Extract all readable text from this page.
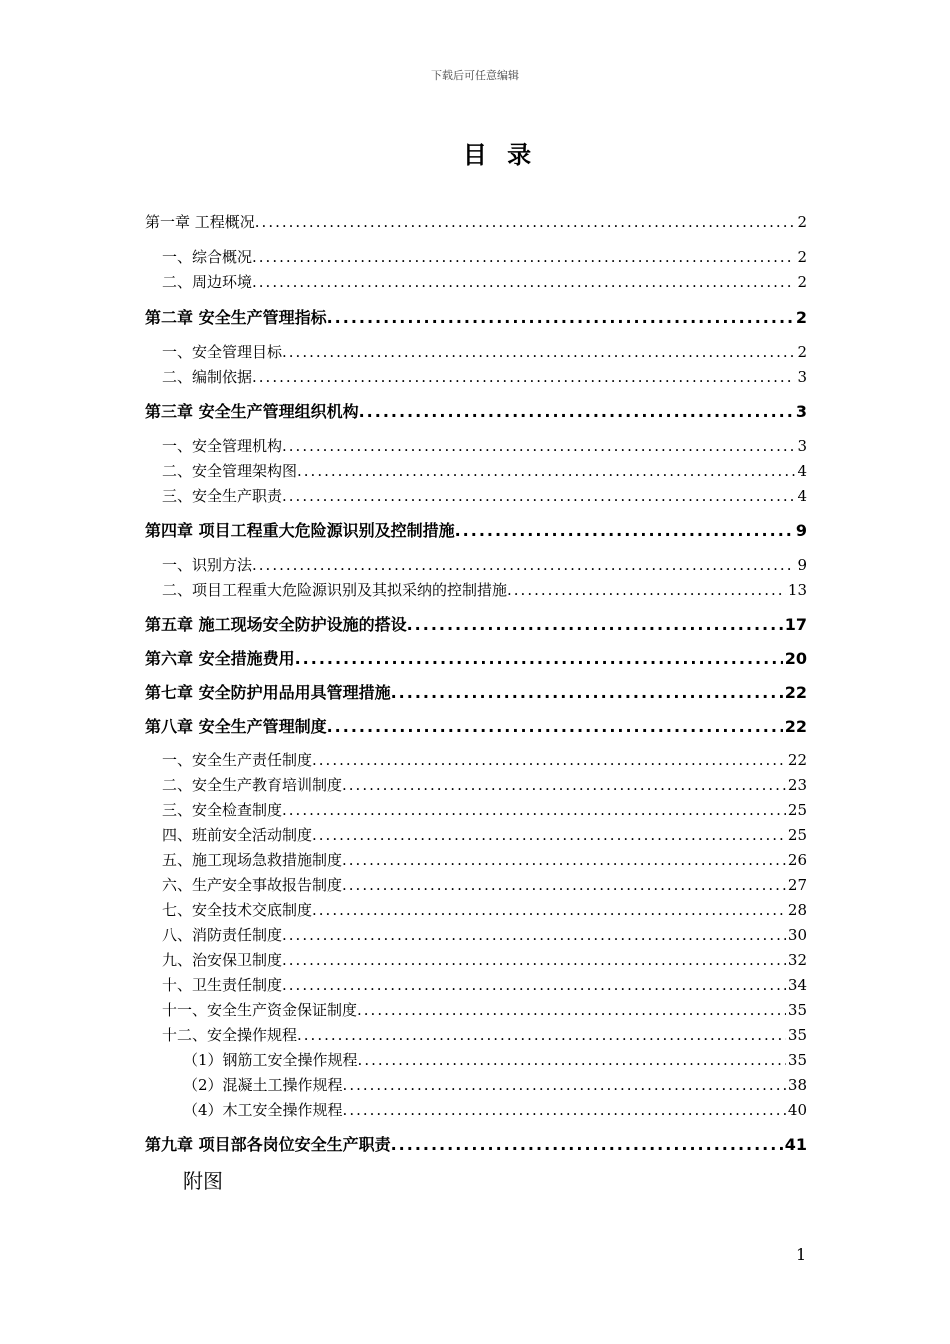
下载后可任意编辑
目 录
第一章 工程概况 .....	2
一、综合概况 .....	2
二、周边环境 .....	2
第二章 安全生产管理指标 .....	2
一、安全管理目标 .....	2
二、编制依据 .....	3
第三章 安全生产管理组织机构 .....	3
一、安全管理机构 .....	3
二、安全管理架构图 .....	4
三、安全生产职责 .....	4
第四章 项目工程重大危险源识别及控制措施 .....	9
一、识别方法 .....	9
二、项目工程重大危险源识别及其拟采纳的控制措施 .....	13
第五章 施工现场安全防护设施的搭设 .....	17
第六章 安全措施费用 .....	20
第七章 安全防护用品用具管理措施 .....	22
第八章 安全生产管理制度 .....	22
一、安全生产责任制度 .....	22
二、安全生产教育培训制度 .....	23
三、安全检查制度 .....	25
四、班前安全活动制度 .....	25
五、施工现场急救措施制度 .....	26
六、生产安全事故报告制度 .....	27
七、安全技术交底制度 .....	28
八、消防责任制度 .....	30
九、治安保卫制度 .....	32
十、卫生责任制度 .....	34
十一、安全生产资金保证制度 .....	35
十二、安全操作规程 .....	35
（1）钢筋工安全操作规程 .....	35
（2）混凝土工操作规程 .....	38
（4）木工安全操作规程 .....	40
第九章 项目部各岗位安全生产职责 .....	41
附图
1
